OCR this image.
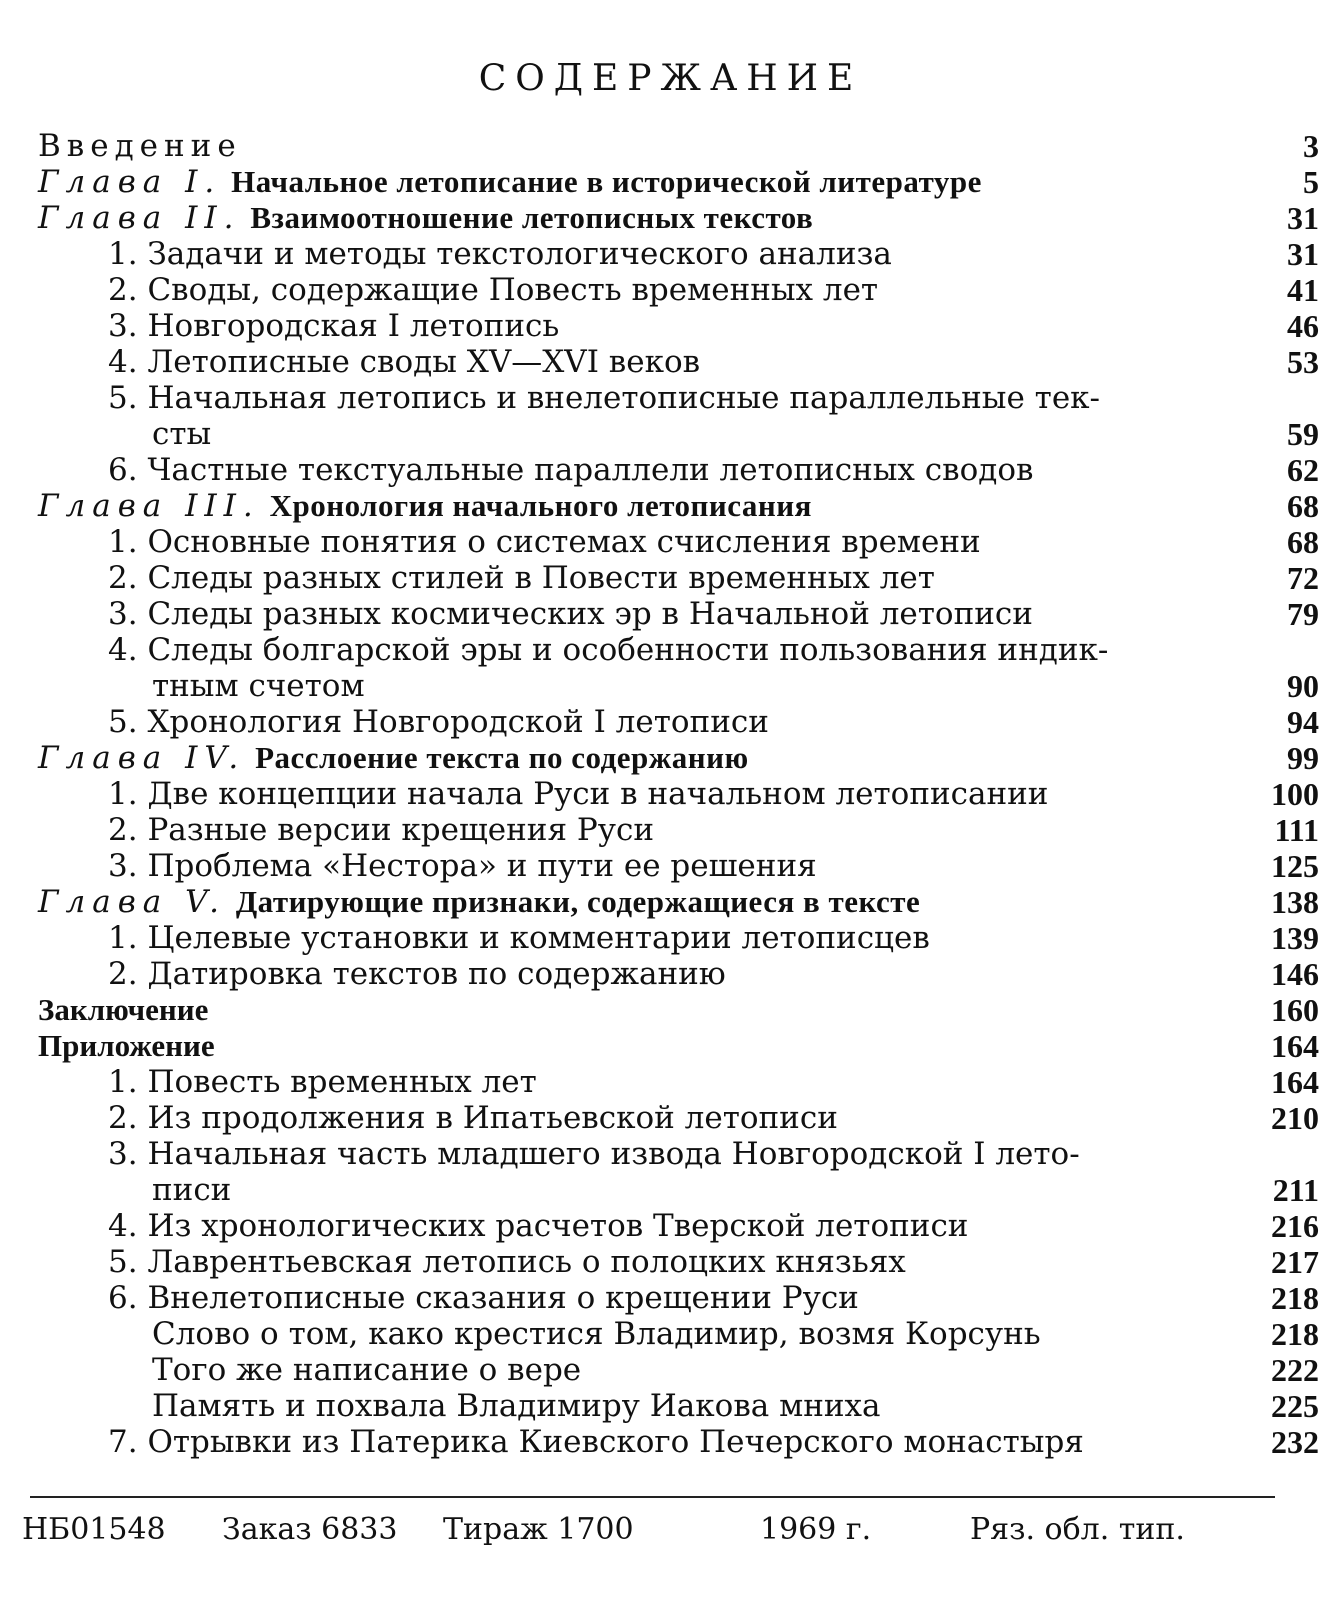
СОДЕРЖАНИЕ
Введение	3
Глава I. Начальное летописание в исторической литературе	5
Глава II. Взаимоотношение летописных текстов	31
1. Задачи и методы текстологического анализа	31
2. Своды, содержащие Повесть временных лет	41
3. Новгородская I летопись	46
4. Летописные своды XV—XVI веков	53
5. Начальная летопись и внелетописные параллельные тек-
сты	59
6. Частные текстуальные параллели летописных сводов	62
Глава III. Хронология начального летописания	68
1. Основные понятия о системах счисления времени	68
2. Следы разных стилей в Повести временных лет	72
3. Следы разных космических эр в Начальной летописи	79
4. Следы болгарской эры и особенности пользования индик-
тным счетом	90
5. Хронология Новгородской I летописи	94
Глава IV. Расслоение текста по содержанию	99
1. Две концепции начала Руси в начальном летописании	100
2. Разные версии крещения Руси	111
3. Проблема «Нестора» и пути ее решения	125
Глава V. Датирующие признаки, содержащиеся в тексте	138
1. Целевые установки и комментарии летописцев	139
2. Датировка текстов по содержанию	146
Заключение	160
Приложение	164
1. Повесть временных лет	164
2. Из продолжения в Ипатьевской летописи	210
3. Начальная часть младшего извода Новгородской I лето-
писи	211
4. Из хронологических расчетов Тверской летописи	216
5. Лаврентьевская летопись о полоцких князьях	217
6. Внелетописные сказания о крещении Руси	218
Слово о том, како крестися Владимир, возмя Корсунь	218
Того же написание о вере	222
Память и похвала Владимиру Иакова мниха	225
7. Отрывки из Патерика Киевского Печерского монастыря	232
НБ01548 Заказ 6833 Тираж 1700	1969 г.	Ряз. обл. тип.
